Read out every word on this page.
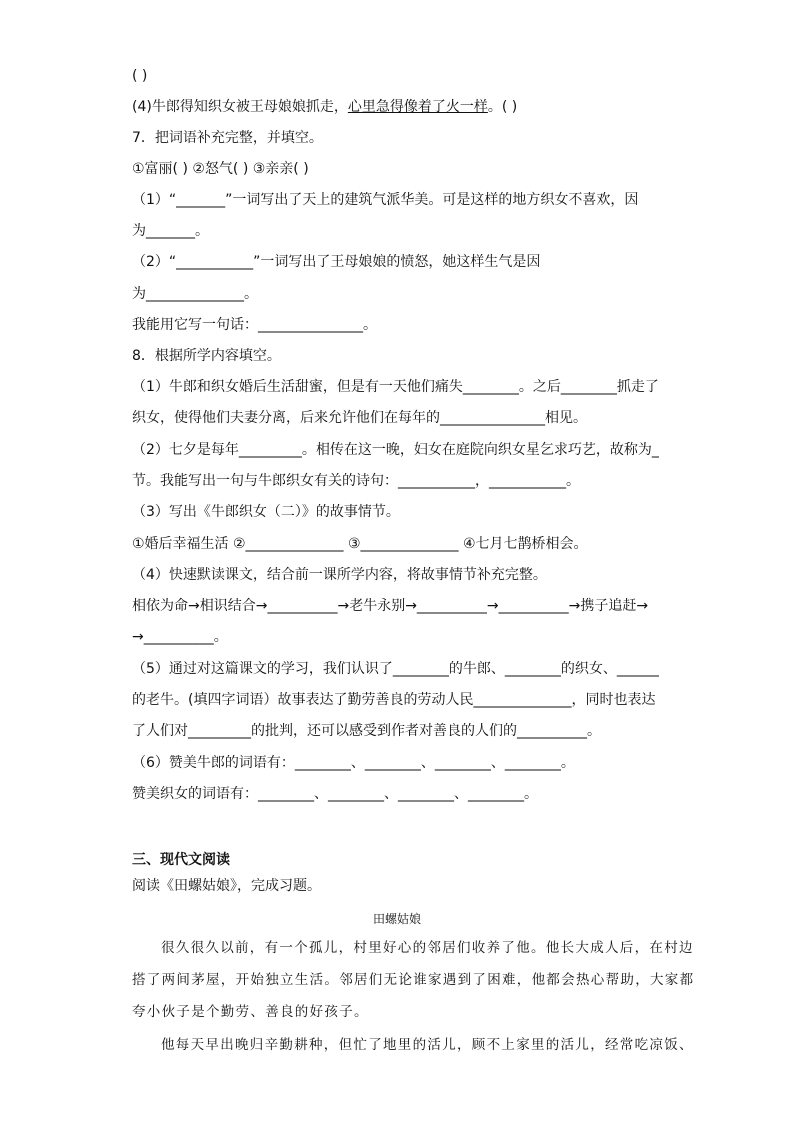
( )
(4)牛郎得知织女被王母娘娘抓走，心里急得像着了火一样。( )
7．把词语补充完整，并填空。
①富丽( ) ②怒气( ) ③亲亲( )
（1）“_______”一词写出了天上的建筑气派华美。可是这样的地方织女不喜欢，因
为_______。
（2）“___________”一词写出了王母娘娘的愤怒，她这样生气是因
为______________。
我能用它写一句话：_______________。
8．根据所学内容填空。
（1）牛郎和织女婚后生活甜蜜，但是有一天他们痛失________。之后________抓走了
织女，使得他们夫妻分离，后来允许他们在每年的_______________相见。
（2）七夕是每年_________。相传在这一晚，妇女在庭院向织女星乞求巧艺，故称为_
节。我能写出一句与牛郎织女有关的诗句：___________，___________。
（3）写出《牛郎织女（二）》的故事情节。
①婚后幸福生活 ②______________ ③______________ ④七月七鹊桥相会。
（4）快速默读课文，结合前一课所学内容，将故事情节补充完整。
相依为命→相识结合→__________→老牛永别→__________→__________→携子追赶→
→__________。
（5）通过对这篇课文的学习，我们认识了________的牛郎、________的织女、______
的老牛。(填四字词语）故事表达了勤劳善良的劳动人民______________，同时也表达
了人们对_________的批判，还可以感受到作者对善良的人们的__________。
（6）赞美牛郎的词语有：________、________、________、________。
赞美织女的词语有：________、________、________、________。
三、现代文阅读
阅读《田螺姑娘》，完成习题。
田螺姑娘
很久很久以前，有一个孤儿，村里好心的邻居们收养了他。他长大成人后，在村边
搭了两间茅屋，开始独立生活。邻居们无论谁家遇到了困难，他都会热心帮助，大家都
夸小伙子是个勤劳、善良的好孩子。
他每天早出晚归辛勤耕种，但忙了地里的活儿，顾不上家里的活儿，经常吃凉饭、
